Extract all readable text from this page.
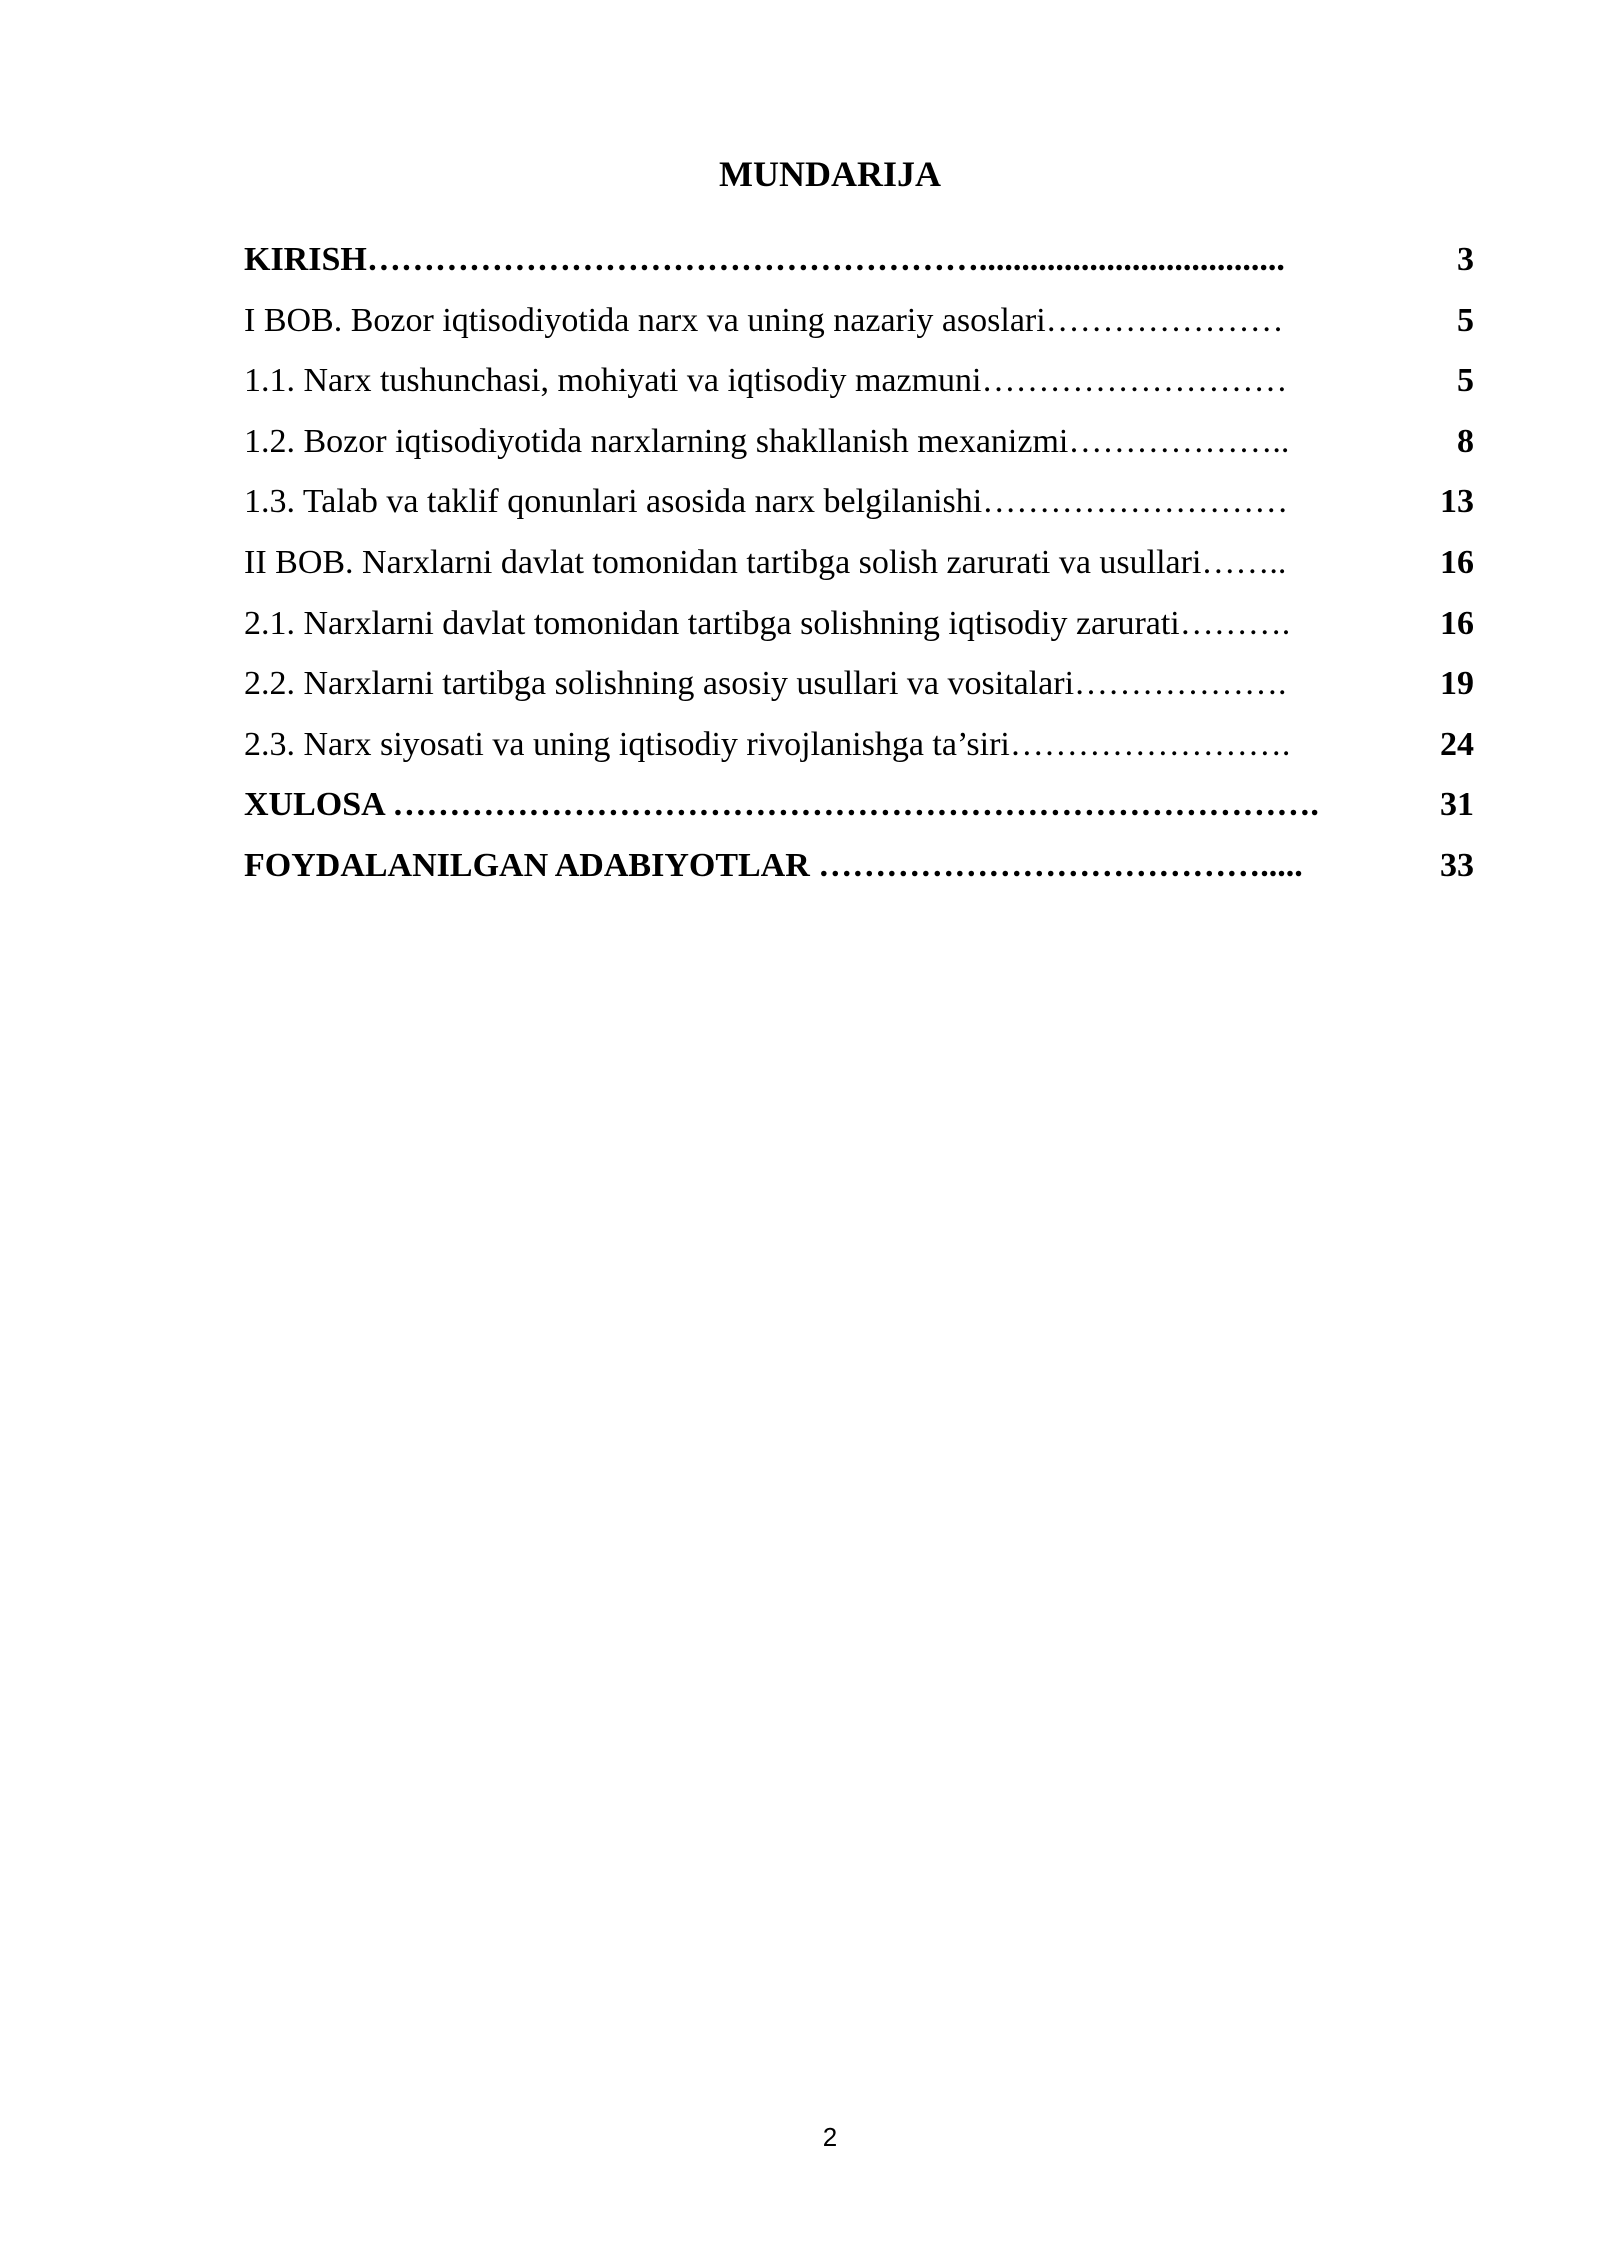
MUNDARIJA
KIRISH………………………………………………....................................	3
I BOB. Bozor iqtisodiyotida narx va uning nazariy asoslari…………………	5
1.1. Narx tushunchasi, mohiyati va iqtisodiy mazmuni………………………	5
1.2. Bozor iqtisodiyotida narxlarning shakllanish mexanizmi………………..	8
1.3. Talab va taklif qonunlari asosida narx belgilanishi………………………	13
II BOB. Narxlarni davlat tomonidan tartibga solish zarurati va usullari……..	16
2.1. Narxlarni davlat tomonidan tartibga solishning iqtisodiy zarurati……….	16
2.2. Narxlarni tartibga solishning asosiy usullari va vositalari……………….	19
2.3. Narx siyosati va uning iqtisodiy rivojlanishga ta’siri…………………….	24
XULOSA ……………………………………………………………………….	31
FOYDALANILGAN ADABIYOTLAR ………………………………….....	33
2
